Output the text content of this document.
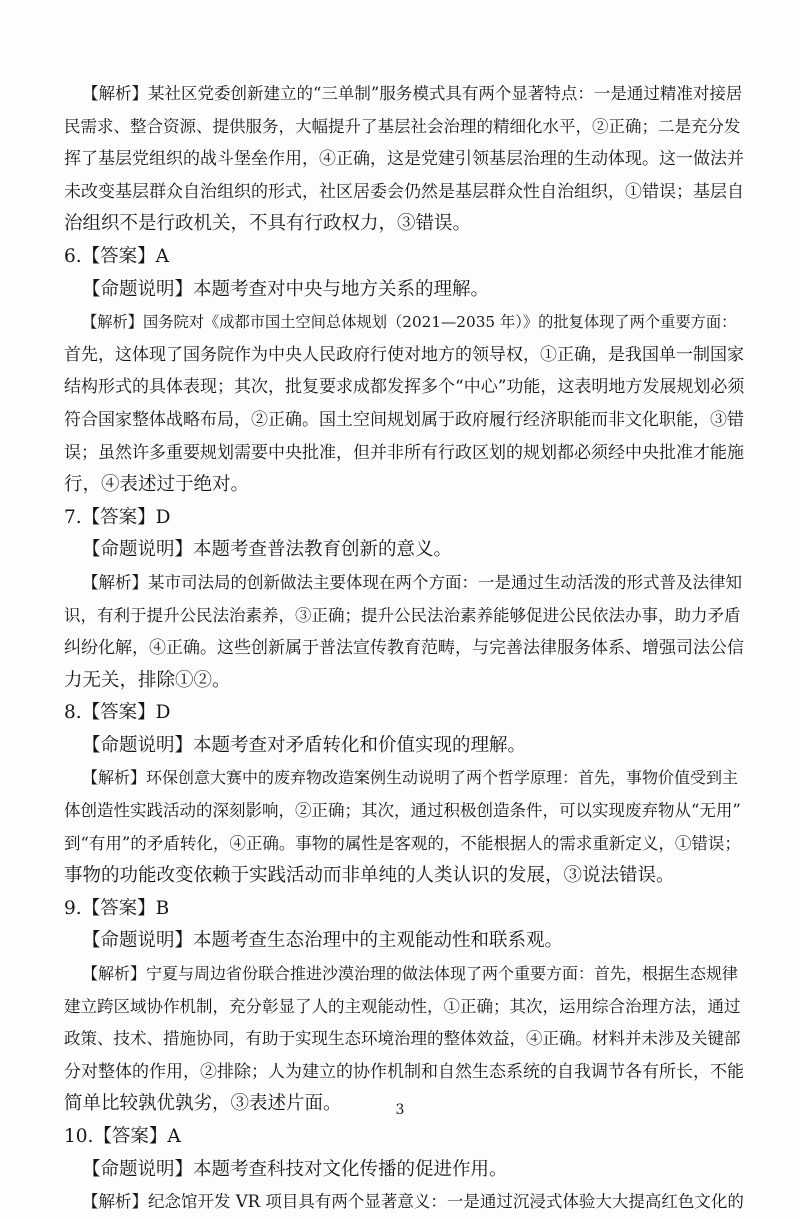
【解析】某社区党委创新建立的“三单制”服务模式具有两个显著特点：一是通过精准对接居
民需求、整合资源、提供服务，大幅提升了基层社会治理的精细化水平，②正确；二是充分发
挥了基层党组织的战斗堡垒作用，④正确，这是党建引领基层治理的生动体现。这一做法并
未改变基层群众自治组织的形式，社区居委会仍然是基层群众性自治组织，①错误；基层自
治组织不是行政机关，不具有行政权力，③错误。
6.【答案】A
【命题说明】本题考查对中央与地方关系的理解。
【解析】国务院对《成都市国土空间总体规划（2021—2035 年）》的批复体现了两个重要方面：
首先，这体现了国务院作为中央人民政府行使对地方的领导权，①正确，是我国单一制国家
结构形式的具体表现；其次，批复要求成都发挥多个“中心”功能，这表明地方发展规划必须
符合国家整体战略布局，②正确。国土空间规划属于政府履行经济职能而非文化职能，③错
误；虽然许多重要规划需要中央批准，但并非所有行政区划的规划都必须经中央批准才能施
行，④表述过于绝对。
7.【答案】D
【命题说明】本题考查普法教育创新的意义。
【解析】某市司法局的创新做法主要体现在两个方面：一是通过生动活泼的形式普及法律知
识，有利于提升公民法治素养，③正确；提升公民法治素养能够促进公民依法办事，助力矛盾
纠纷化解，④正确。这些创新属于普法宣传教育范畴，与完善法律服务体系、增强司法公信
力无关，排除①②。
8.【答案】D
【命题说明】本题考查对矛盾转化和价值实现的理解。
【解析】环保创意大赛中的废弃物改造案例生动说明了两个哲学原理：首先，事物价值受到主
体创造性实践活动的深刻影响，②正确；其次，通过积极创造条件，可以实现废弃物从“无用”
到“有用”的矛盾转化，④正确。事物的属性是客观的，不能根据人的需求重新定义，①错误；
事物的功能改变依赖于实践活动而非单纯的人类认识的发展，③说法错误。
9.【答案】B
【命题说明】本题考查生态治理中的主观能动性和联系观。
【解析】宁夏与周边省份联合推进沙漠治理的做法体现了两个重要方面：首先，根据生态规律
建立跨区域协作机制，充分彰显了人的主观能动性，①正确；其次，运用综合治理方法，通过
政策、技术、措施协同，有助于实现生态环境治理的整体效益，④正确。材料并未涉及关键部
分对整体的作用，②排除；人为建立的协作机制和自然生态系统的自我调节各有所长，不能
简单比较孰优孰劣，③表述片面。
10.【答案】A
【命题说明】本题考查科技对文化传播的促进作用。
【解析】纪念馆开发 VR 项目具有两个显著意义：一是通过沉浸式体验大大提高红色文化的
3
